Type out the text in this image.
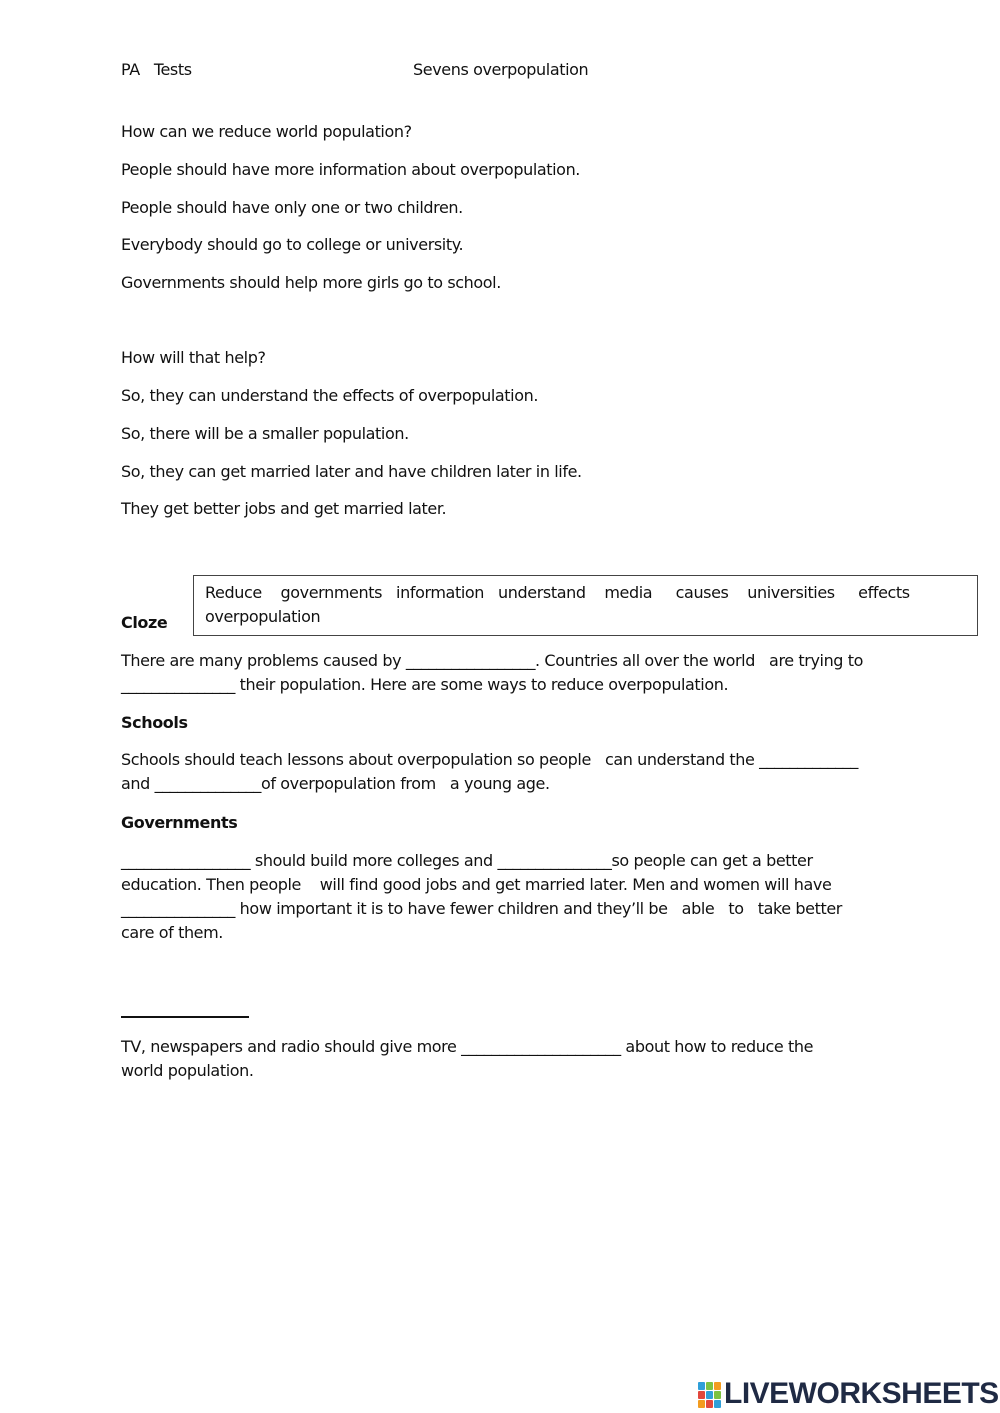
PA   Tests	Sevens overpopulation
How can we reduce world population?
People should have more information about overpopulation.
People should have only one or two children.
Everybody should go to college or university.
Governments should help more girls go to school.
How will that help?
So, they can understand the effects of overpopulation.
So, there will be a smaller population.
So, they can get married later and have children later in life.
They get better jobs and get married later.
Cloze
Reduce    governments   information   understand    media     causes    universities     effects
overpopulation
There are many problems caused by _________________. Countries all over the world   are trying to
_______________ their population. Here are some ways to reduce overpopulation.
Schools
Schools should teach lessons about overpopulation so people   can understand the _____________
and ______________of overpopulation from   a young age.
Governments
_________________ should build more colleges and _______________so people can get a better
education. Then people    will find good jobs and get married later. Men and women will have
_______________ how important it is to have fewer children and they’ll be   able   to   take better
care of them.
TV, newspapers and radio should give more _____________________ about how to reduce the
world population.
LIVEWORKSHEETS
